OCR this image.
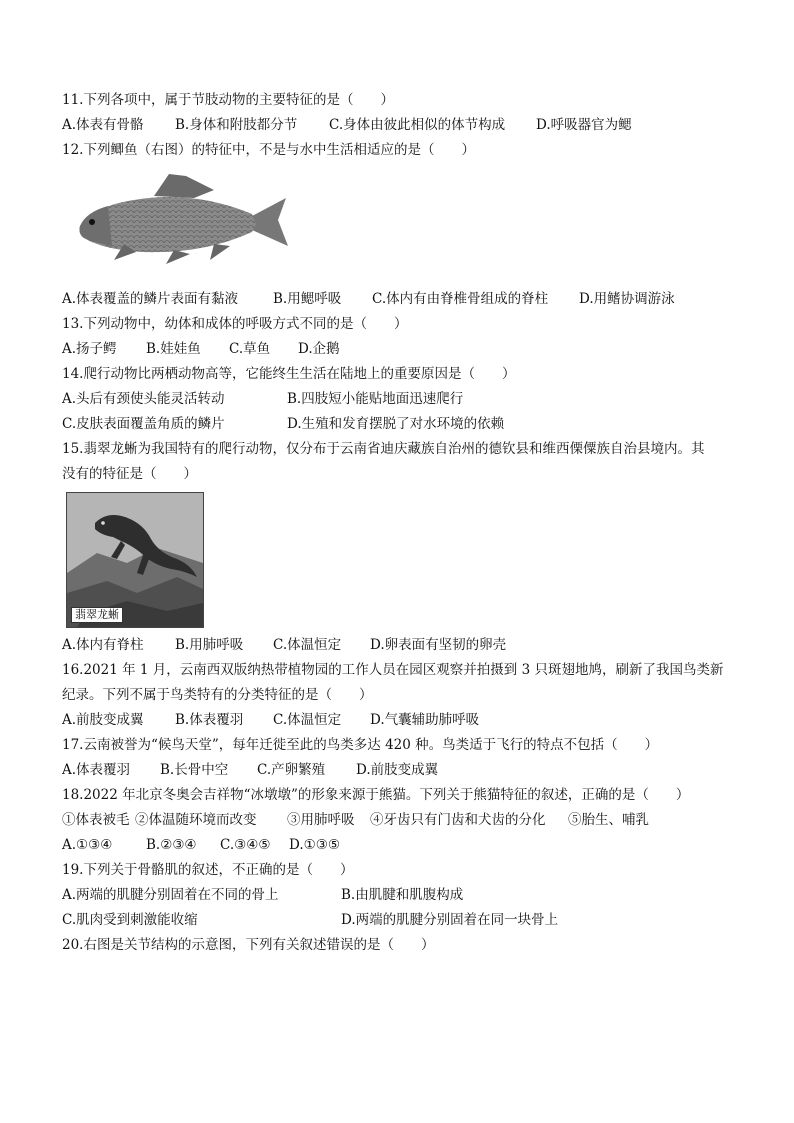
11.下列各项中，属于节肢动物的主要特征的是（　　）
A.体表有骨骼 B.身体和附肢都分节 C.身体由彼此相似的体节构成 D.呼吸器官为鳃
12.下列鲫鱼（右图）的特征中，不是与水中生活相适应的是（　　）
A.体表覆盖的鳞片表面有黏液	B.用鳃呼吸 C.体内有由脊椎骨组成的脊柱 D.用鳍协调游泳
13.下列动物中，幼体和成体的呼吸方式不同的是（　　）
A.扬子鳄 B.娃娃鱼 C.草鱼 D.企鹅
14.爬行动物比两栖动物高等，它能终生生活在陆地上的重要原因是（　　）
A.头后有颈使头能灵活转动	B.四肢短小能贴地面迅速爬行
C.皮肤表面覆盖角质的鳞片	D.生殖和发育摆脱了对水环境的依赖
15.翡翠龙蜥为我国特有的爬行动物，仅分布于云南省迪庆藏族自治州的德钦县和维西傈僳族自治县境内。其
没有的特征是（　　）
翡翠龙蜥
A.体内有脊柱 B.用肺呼吸 C.体温恒定 D.卵表面有坚韧的卵壳
16.2021 年 1 月，云南西双版纳热带植物园的工作人员在园区观察并拍摄到 3 只斑翅地鸠，刷新了我国鸟类新
纪录。下列不属于鸟类特有的分类特征的是（　　）
A.前肢变成翼 B.体表覆羽 C.体温恒定 D.气囊辅助肺呼吸
17.云南被誉为“候鸟天堂”，每年迁徙至此的鸟类多达 420 种。鸟类适于飞行的特点不包括（　　）
A.体表覆羽 B.长骨中空 C.产卵繁殖 D.前肢变成翼
18.2022 年北京冬奥会吉祥物“冰墩墩”的形象来源于熊猫。下列关于熊猫特征的叙述，正确的是（　　）
①体表被毛 ②体温随环境而改变 ③用肺呼吸 ④牙齿只有门齿和犬齿的分化 ⑤胎生、哺乳
A.①③④ B.②③④ C.③④⑤ D.①③⑤
19.下列关于骨骼肌的叙述，不正确的是（　　）
A.两端的肌腱分别固着在不同的骨上	B.由肌腱和肌腹构成
C.肌肉受到刺激能收缩	D.两端的肌腱分别固着在同一块骨上
20.右图是关节结构的示意图，下列有关叙述错误的是（　　）
